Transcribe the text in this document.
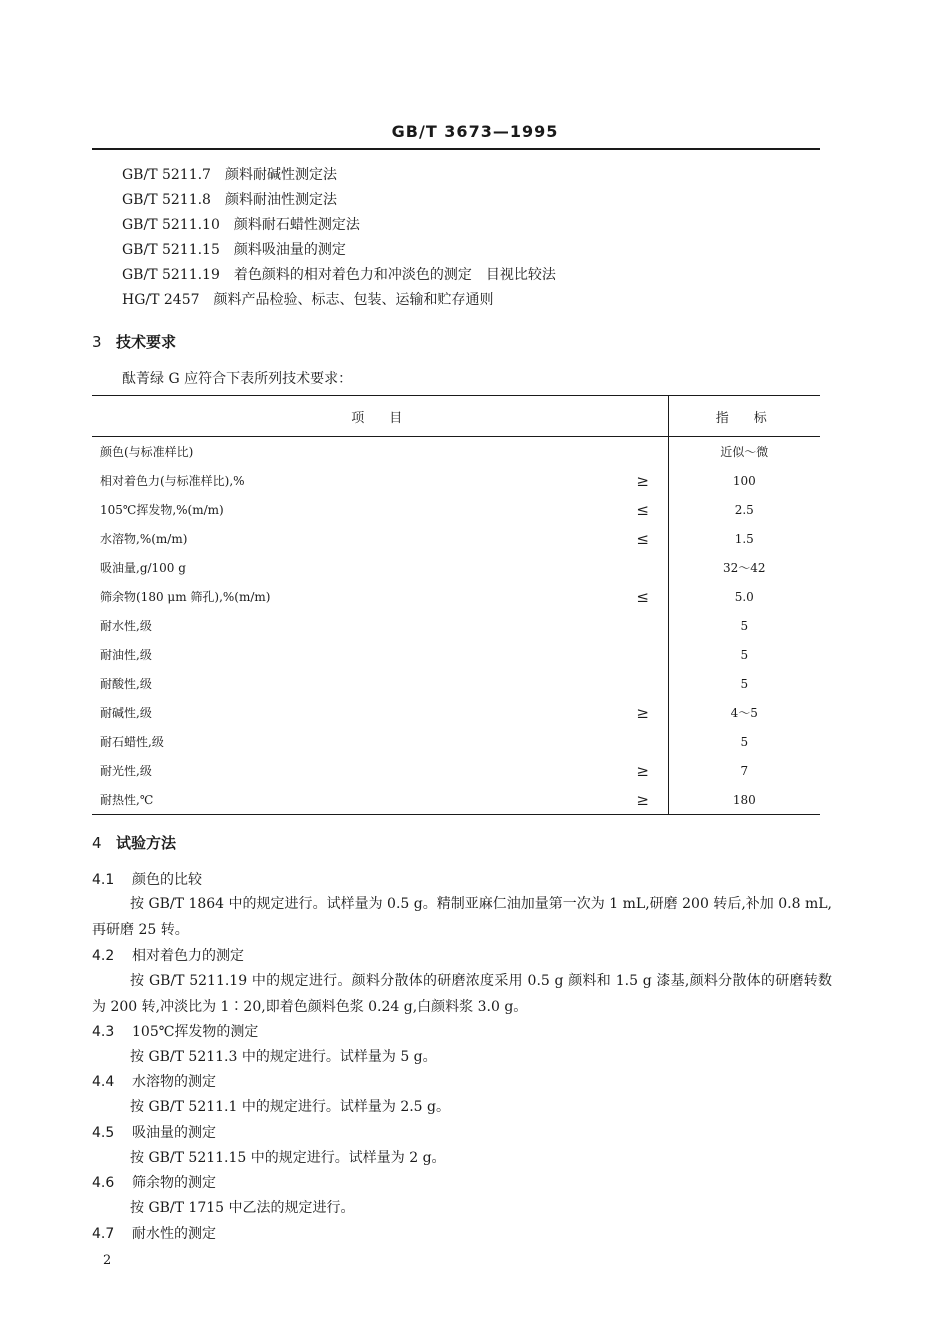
GB/T 3673—1995
GB/T 5211.7 颜料耐碱性测定法
GB/T 5211.8 颜料耐油性测定法
GB/T 5211.10 颜料耐石蜡性测定法
GB/T 5211.15 颜料吸油量的测定
GB/T 5211.19 着色颜料的相对着色力和冲淡色的测定　目视比较法
HG/T 2457 颜料产品检验、标志、包装、运输和贮存通则
3 技术要求
酞菁绿 G 应符合下表所列技术要求：
项　目		指　标
颜色(与标准样比)		近似～微
相对着色力(与标准样比),%	≥	100
105℃挥发物,%(m/m)	≤	2.5
水溶物,%(m/m)	≤	1.5
吸油量,g/100 g		32～42
筛余物(180 μm 筛孔),%(m/m)	≤	5.0
耐水性,级		5
耐油性,级		5
耐酸性,级		5
耐碱性,级	≥	4～5
耐石蜡性,级		5
耐光性,级	≥	7
耐热性,℃	≥	180
4 试验方法
4.1 颜色的比较
按 GB/T 1864 中的规定进行。试样量为 0.5 g。精制亚麻仁油加量第一次为 1 mL,研磨 200 转后,补加 0.8 mL,再研磨 25 转。
4.2 相对着色力的测定
按 GB/T 5211.19 中的规定进行。颜料分散体的研磨浓度采用 0.5 g 颜料和 1.5 g 漆基,颜料分散体的研磨转数为 200 转,冲淡比为 1∶20,即着色颜料色浆 0.24 g,白颜料浆 3.0 g。
4.3 105℃挥发物的测定
按 GB/T 5211.3 中的规定进行。试样量为 5 g。
4.4 水溶物的测定
按 GB/T 5211.1 中的规定进行。试样量为 2.5 g。
4.5 吸油量的测定
按 GB/T 5211.15 中的规定进行。试样量为 2 g。
4.6 筛余物的测定
按 GB/T 1715 中乙法的规定进行。
4.7 耐水性的测定
2
